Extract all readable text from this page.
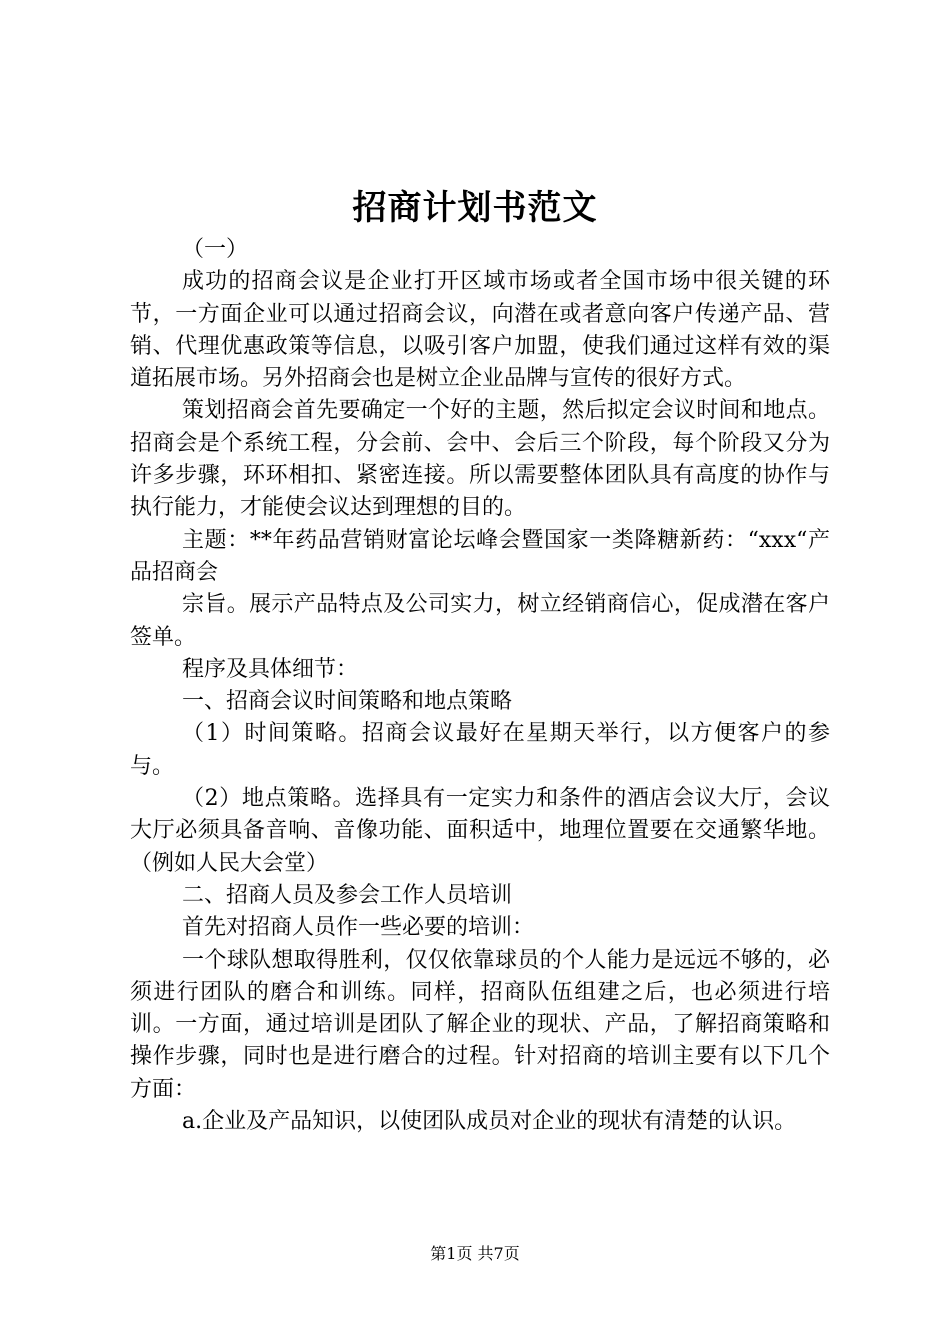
招商计划书范文

（一）

成功的招商会议是企业打开区域市场或者全国市场中很关键的环节，一方面企业可以通过招商会议，向潜在或者意向客户传递产品、营销、代理优惠政策等信息，以吸引客户加盟，使我们通过这样有效的渠道拓展市场。另外招商会也是树立企业品牌与宣传的很好方式。

策划招商会首先要确定一个好的主题，然后拟定会议时间和地点。招商会是个系统工程，分会前、会中、会后三个阶段，每个阶段又分为许多步骤，环环相扣、紧密连接。所以需要整体团队具有高度的协作与执行能力，才能使会议达到理想的目的。

主题：**年药品营销财富论坛峰会暨国家一类降糖新药：“xxx“产品招商会

宗旨。展示产品特点及公司实力，树立经销商信心，促成潜在客户签单。

程序及具体细节：

一、招商会议时间策略和地点策略

（1）时间策略。招商会议最好在星期天举行，以方便客户的参与。

（2）地点策略。选择具有一定实力和条件的酒店会议大厅，会议大厅必须具备音响、音像功能、面积适中，地理位置要在交通繁华地。（例如人民大会堂）

二、招商人员及参会工作人员培训

首先对招商人员作一些必要的培训：

一个球队想取得胜利，仅仅依靠球员的个人能力是远远不够的，必须进行团队的磨合和训练。同样，招商队伍组建之后，也必须进行培训。一方面，通过培训是团队了解企业的现状、产品，了解招商策略和操作步骤，同时也是进行磨合的过程。针对招商的培训主要有以下几个方面：

a.企业及产品知识，以使团队成员对企业的现状有清楚的认识。

第1页 共7页
